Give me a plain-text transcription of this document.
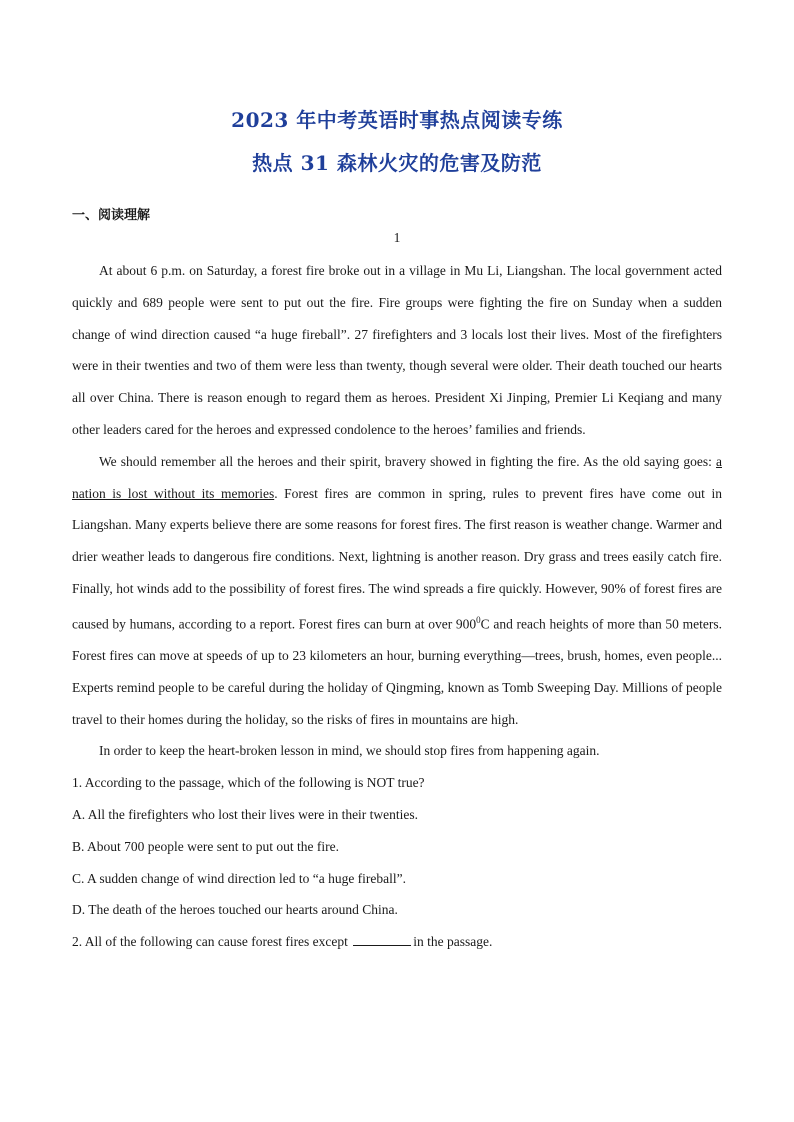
2023 年中考英语时事热点阅读专练
热点 31 森林火灾的危害及防范
一、阅读理解
1

At about 6 p.m. on Saturday, a forest fire broke out in a village in Mu Li, Liangshan. The local government acted quickly and 689 people were sent to put out the fire. Fire groups were fighting the fire on Sunday when a sudden change of wind direction caused “a huge fireball”. 27 firefighters and 3 locals lost their lives. Most of the firefighters were in their twenties and two of them were less than twenty, though several were older. Their death touched our hearts all over China. There is reason enough to regard them as heroes. President Xi Jinping, Premier Li Keqiang and many other leaders cared for the heroes and expressed condolence to the heroes’ families and friends.

We should remember all the heroes and their spirit, bravery showed in fighting the fire. As the old saying goes: a nation is lost without its memories. Forest fires are common in spring, rules to prevent fires have come out in Liangshan. Many experts believe there are some reasons for forest fires. The first reason is weather change. Warmer and drier weather leads to dangerous fire conditions. Next, lightning is another reason. Dry grass and trees easily catch fire. Finally, hot winds add to the possibility of forest fires. The wind spreads a fire quickly. However, 90% of forest fires are caused by humans, according to a report. Forest fires can burn at over $900^0C$ and reach heights of more than 50 meters. Forest fires can move at speeds of up to 23 kilometers an hour, burning everything—trees, brush, homes, even people... Experts remind people to be careful during the holiday of Qingming, known as Tomb Sweeping Day. Millions of people travel to their homes during the holiday, so the risks of fires in mountains are high.

In order to keep the heart-broken lesson in mind, we should stop fires from happening again.

1. According to the passage, which of the following is NOT true?

A. All the firefighters who lost their lives were in their twenties.

B. About 700 people were sent to put out the fire.

C. A sudden change of wind direction led to “a huge fireball”.

D. The death of the heroes touched our hearts around China.

2. All of the following can cause forest fires except	in the passage.
